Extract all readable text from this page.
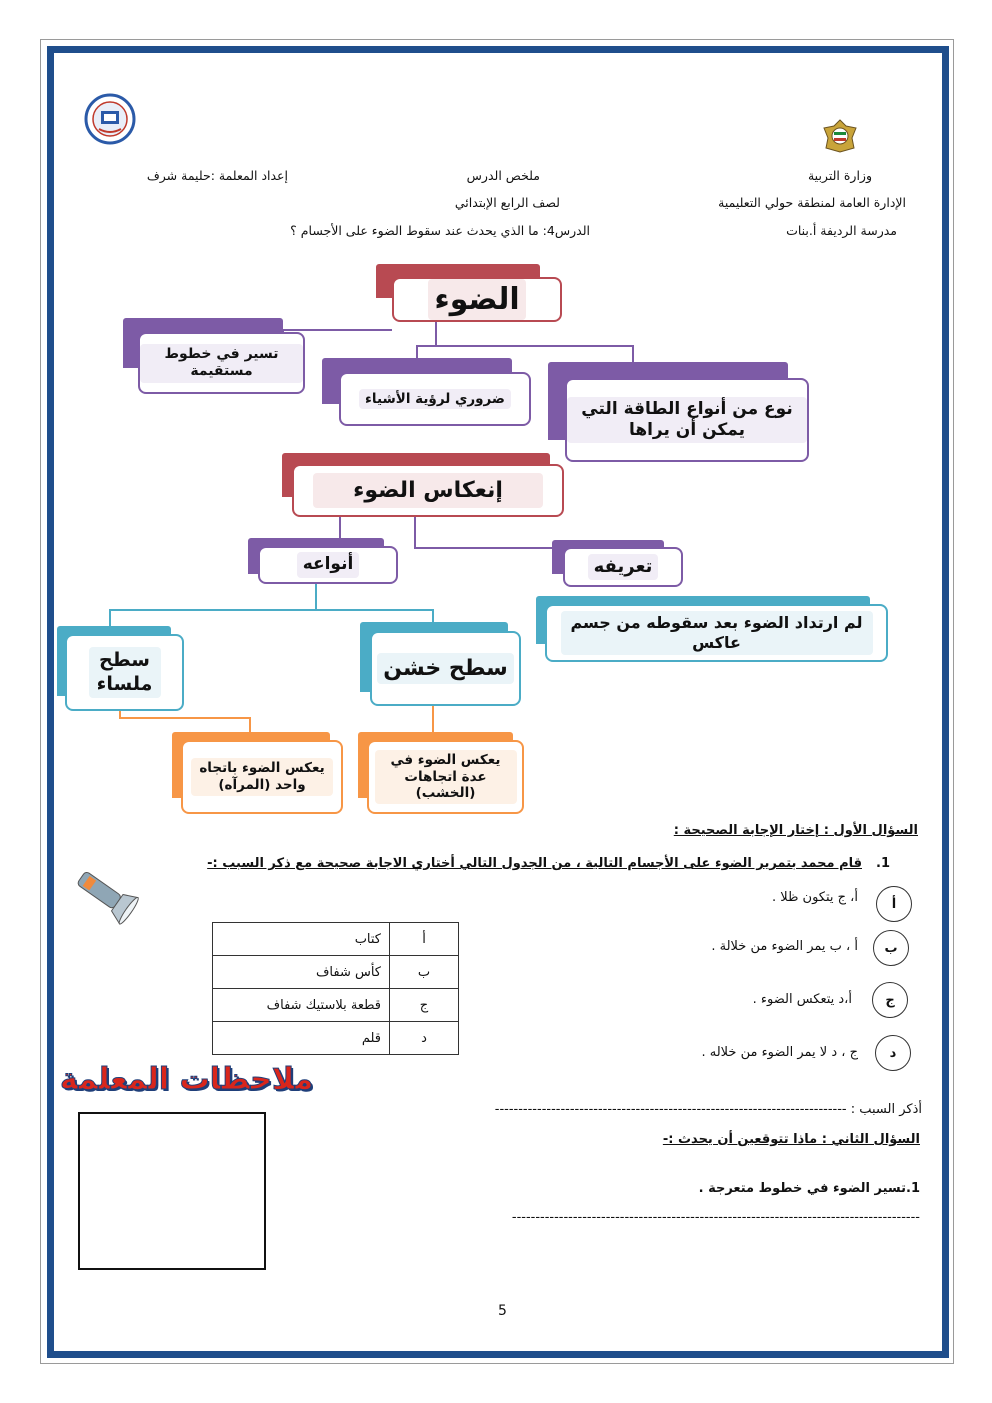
وزارة التربية
الإدارة العامة لمنطقة حولي التعليمية
مدرسة الرديفة أ.بنات
ملخص الدرس
لصف الرابع الإبتدائي
الدرس4: ما الذي يحدث عند سقوط الضوء على الأجسام ؟
إعداد المعلمة :حليمة شرف
الضوء
تسير في خطوط مستقيمة
ضروري لرؤية الأشياء
نوع من أنواع الطاقة التي يمكن أن يراها
إنعكاس الضوء
أنواعه	تعريفه
لم ارتداد الضوء بعد سقوطه من جسم عاكس
سطح ملساء
سطح خشن
يعكس الضوء باتجاه واحد (المرآه)
يعكس الضوء في عدة اتجاهات (الخشب)
السؤال الأول : إختار الإجابة الصحيحة :
1.
قام محمد بتمرير الضوء على الأجسام التالية ، من الجدول التالي أختاري الاجابة صحيحة مع ذكر السبب :-
أ
أ، ج يتكون ظلا .
ب
أ ، ب يمر الضوء من خلالة .
ج
أ،د يتعكس الضوء .
د
ج ، د لا يمر الضوء من خلاله .
أ	كتاب
ب	كأس شفاف
ج	قطعة بلاستيك شفاف
د	قلم
ملاحظات المعلمة
أذكر السبب : ---------------------------------------------------------------------------
السؤال الثاني : ماذا تتوقعين أن يحدث :-
1.تسير الضوء في خطوط متعرجة .
---------------------------------------------------------------------------------------
5
